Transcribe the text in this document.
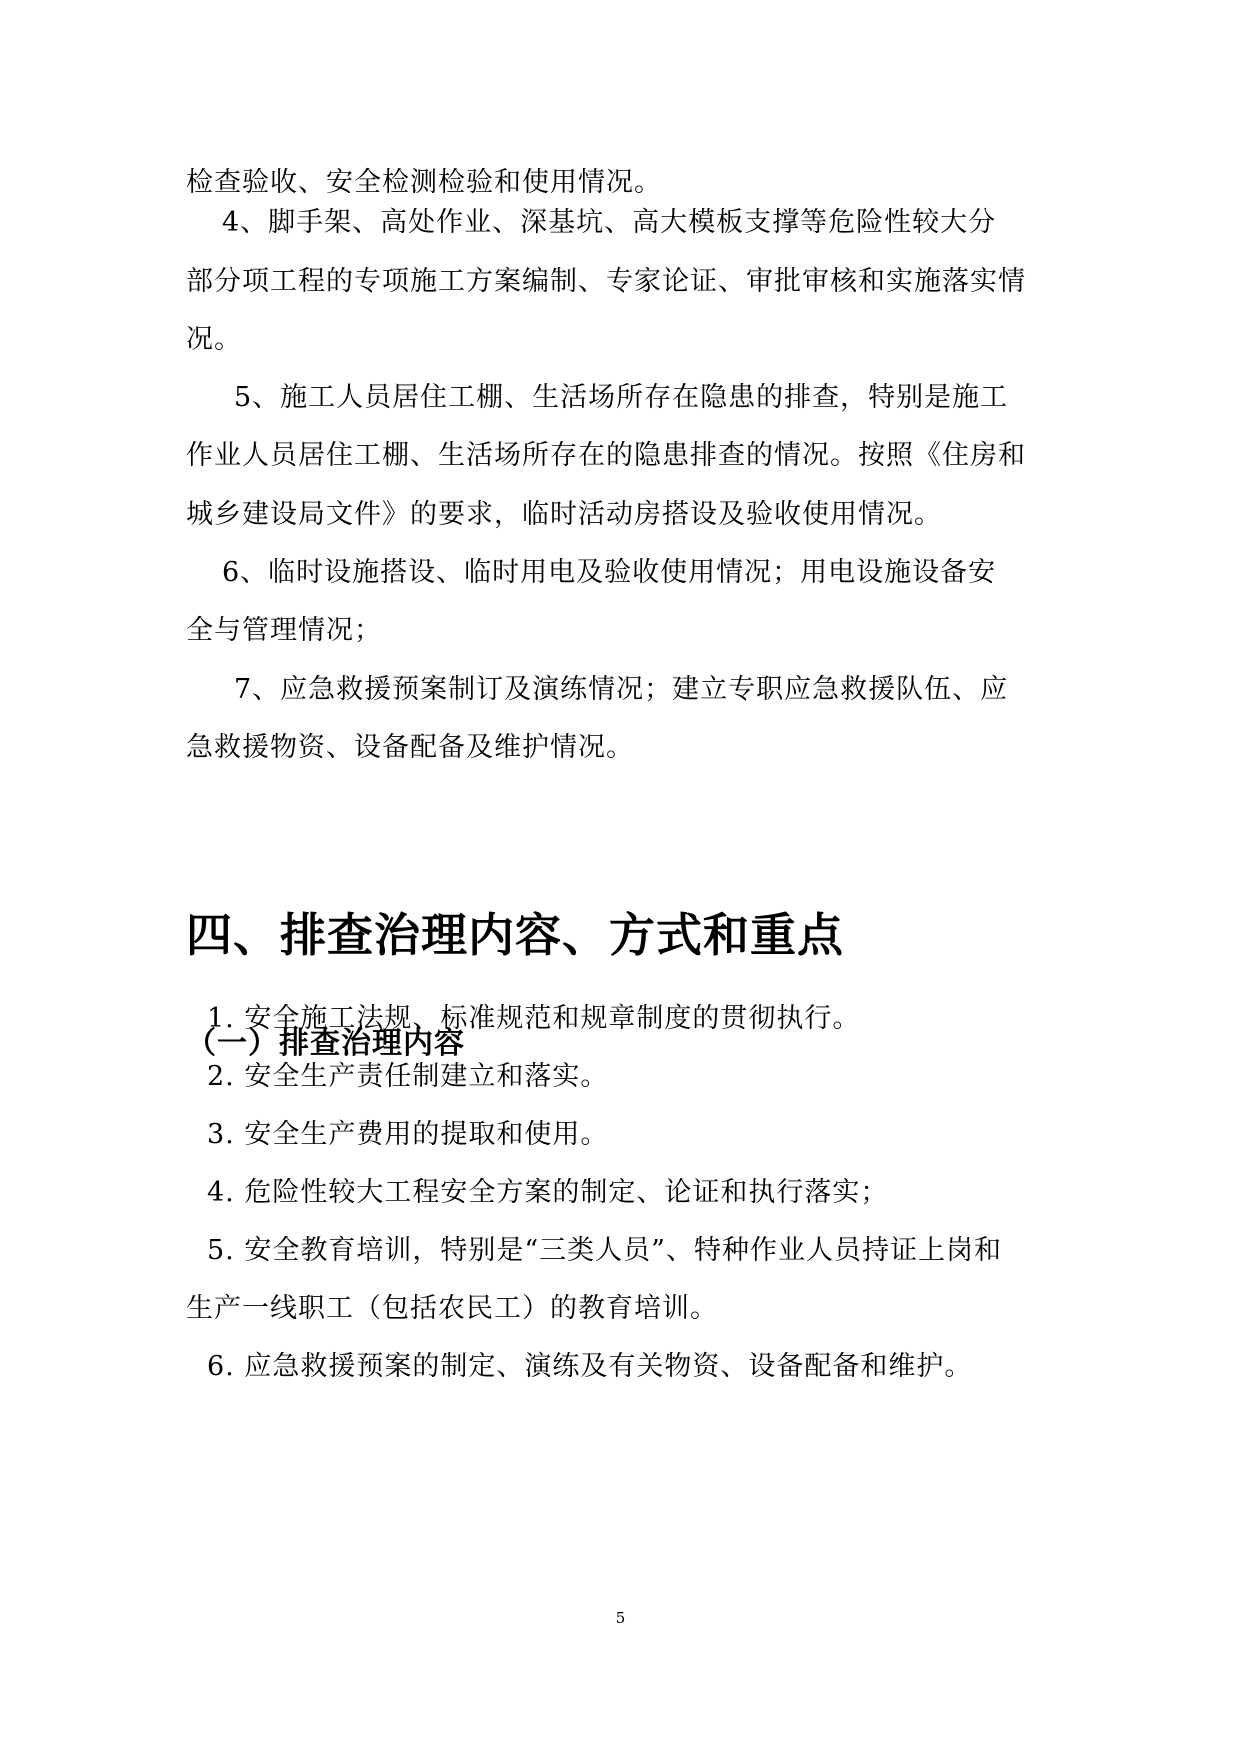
检查验收、安全检测检验和使用情况。
4、脚手架、高处作业、深基坑、高大模板支撑等危险性较大分
部分项工程的专项施工方案编制、专家论证、审批审核和实施落实情
况。
5、施工人员居住工棚、生活场所存在隐患的排查，特别是施工
作业人员居住工棚、生活场所存在的隐患排查的情况。按照《住房和
城乡建设局文件》的要求，临时活动房搭设及验收使用情况。
6、临时设施搭设、临时用电及验收使用情况；用电设施设备安
全与管理情况；
7、应急救援预案制订及演练情况；建立专职应急救援队伍、应
急救援物资、设备配备及维护情况。
四、排查治理内容、方式和重点
（一）排查治理内容
1. 安全施工法规、标准规范和规章制度的贯彻执行。
2. 安全生产责任制建立和落实。
3. 安全生产费用的提取和使用。
4. 危险性较大工程安全方案的制定、论证和执行落实；
5. 安全教育培训，特别是“三类人员”、特种作业人员持证上岗和
生产一线职工（包括农民工）的教育培训。
6. 应急救援预案的制定、演练及有关物资、设备配备和维护。
5
